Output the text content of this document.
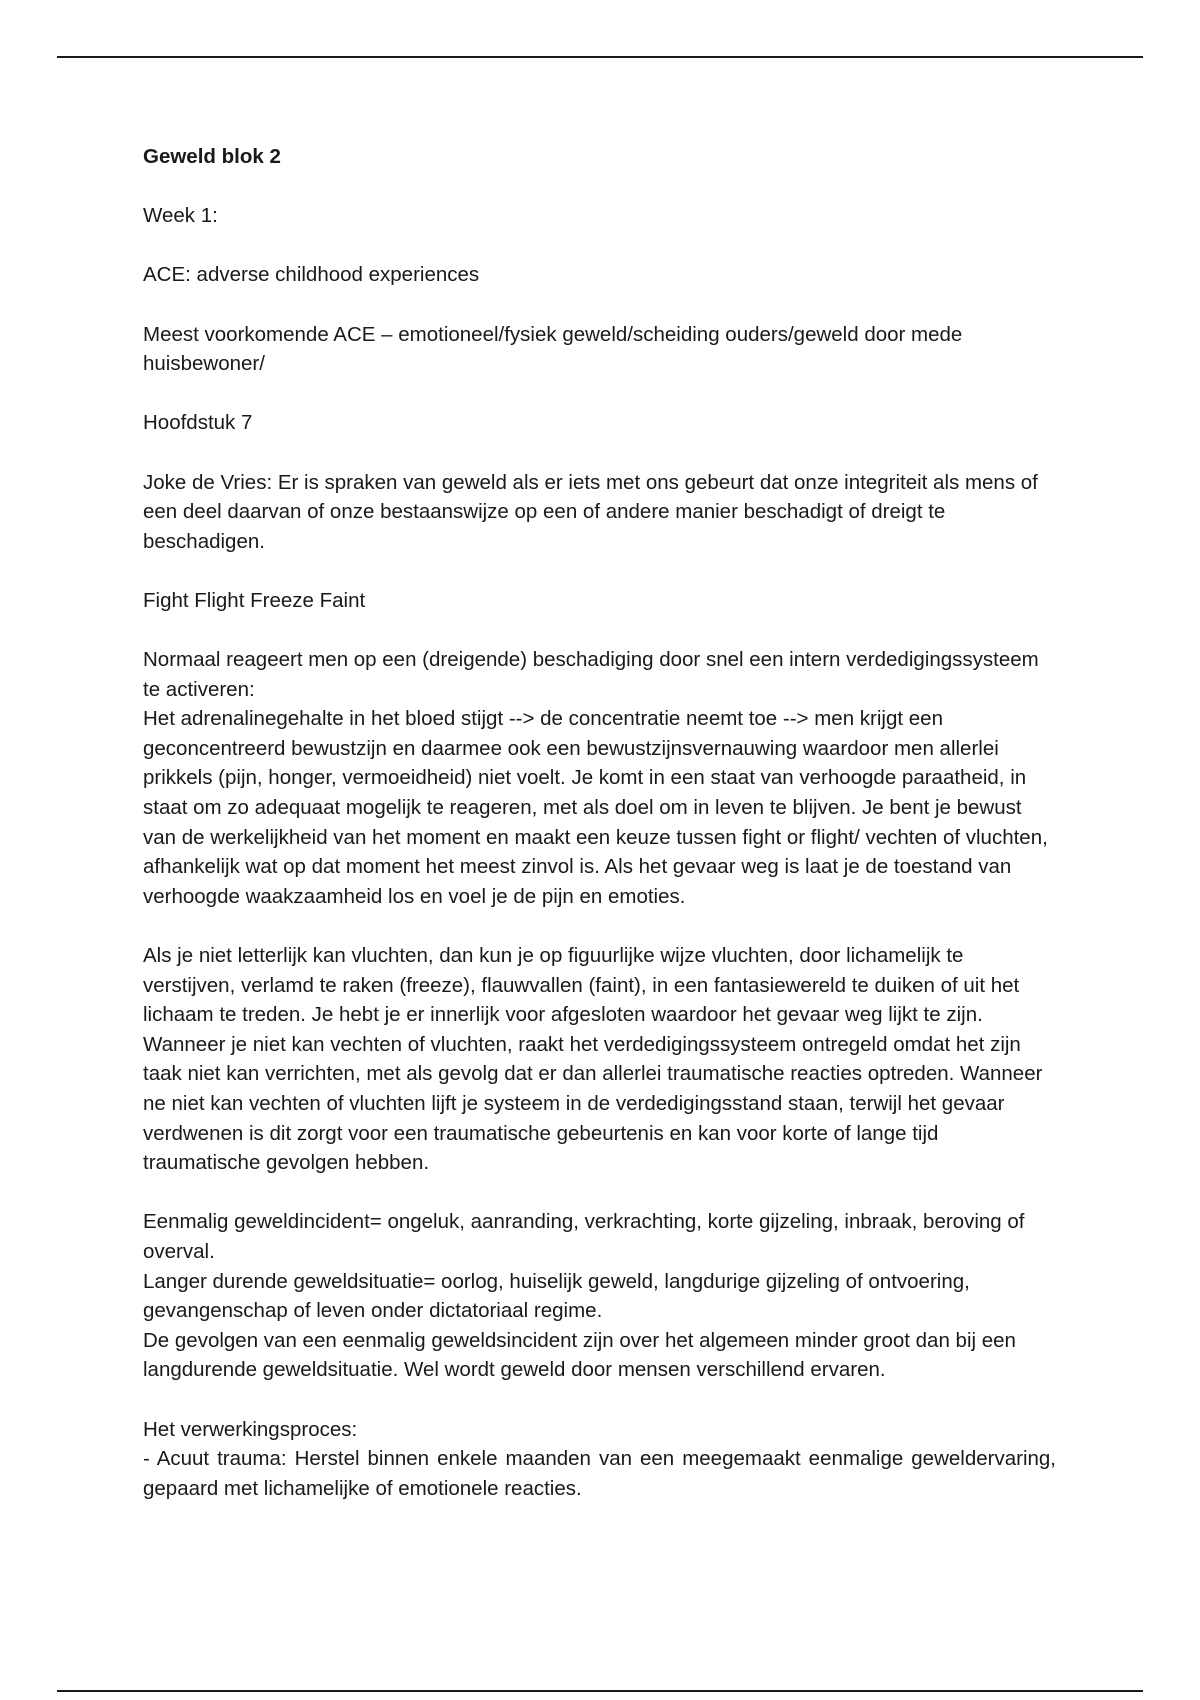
Geweld blok 2

Week 1:

ACE: adverse childhood experiences

Meest voorkomende ACE – emotioneel/fysiek geweld/scheiding ouders/geweld door mede huisbewoner/

Hoofdstuk 7

Joke de Vries: Er is spraken van geweld als er iets met ons gebeurt dat onze integriteit als mens of een deel daarvan of onze bestaanswijze op een of andere manier beschadigt of dreigt te beschadigen.

Fight Flight Freeze Faint

Normaal reageert men op een (dreigende) beschadiging door snel een intern verdedigingssysteem te activeren:

Het adrenalinegehalte in het bloed stijgt --> de concentratie neemt toe --> men krijgt een geconcentreerd bewustzijn en daarmee ook een bewustzijnsvernauwing waardoor men allerlei prikkels (pijn, honger, vermoeidheid) niet voelt. Je komt in een staat van verhoogde paraatheid, in staat om zo adequaat mogelijk te reageren, met als doel om in leven te blijven. Je bent je bewust van de werkelijkheid van het moment en maakt een keuze tussen fight or flight/ vechten of vluchten, afhankelijk wat op dat moment het meest zinvol is. Als het gevaar weg is laat je de toestand van verhoogde waakzaamheid los en voel je de pijn en emoties.

Als je niet letterlijk kan vluchten, dan kun je op figuurlijke wijze vluchten, door lichamelijk te verstijven, verlamd te raken (freeze), flauwvallen (faint), in een fantasiewereld te duiken of uit het lichaam te treden. Je hebt je er innerlijk voor afgesloten waardoor het gevaar weg lijkt te zijn. Wanneer je niet kan vechten of vluchten, raakt het verdedigingssysteem ontregeld omdat het zijn taak niet kan verrichten, met als gevolg dat er dan allerlei traumatische reacties optreden. Wanneer ne niet kan vechten of vluchten lijft je systeem in de verdedigingsstand staan, terwijl het gevaar verdwenen is dit zorgt voor een traumatische gebeurtenis en kan voor korte of lange tijd traumatische gevolgen hebben.

Eenmalig geweldincident= ongeluk, aanranding, verkrachting, korte gijzeling, inbraak, beroving of overval.

Langer durende geweldsituatie= oorlog, huiselijk geweld, langdurige gijzeling of ontvoering, gevangenschap of leven onder dictatoriaal regime.

De gevolgen van een eenmalig geweldsincident zijn over het algemeen minder groot dan bij een langdurende geweldsituatie. Wel wordt geweld door mensen verschillend ervaren.

Het verwerkingsproces:

- Acuut trauma: Herstel binnen enkele maanden van een meegemaakt eenmalige geweldervaring, gepaard met lichamelijke of emotionele reacties.
